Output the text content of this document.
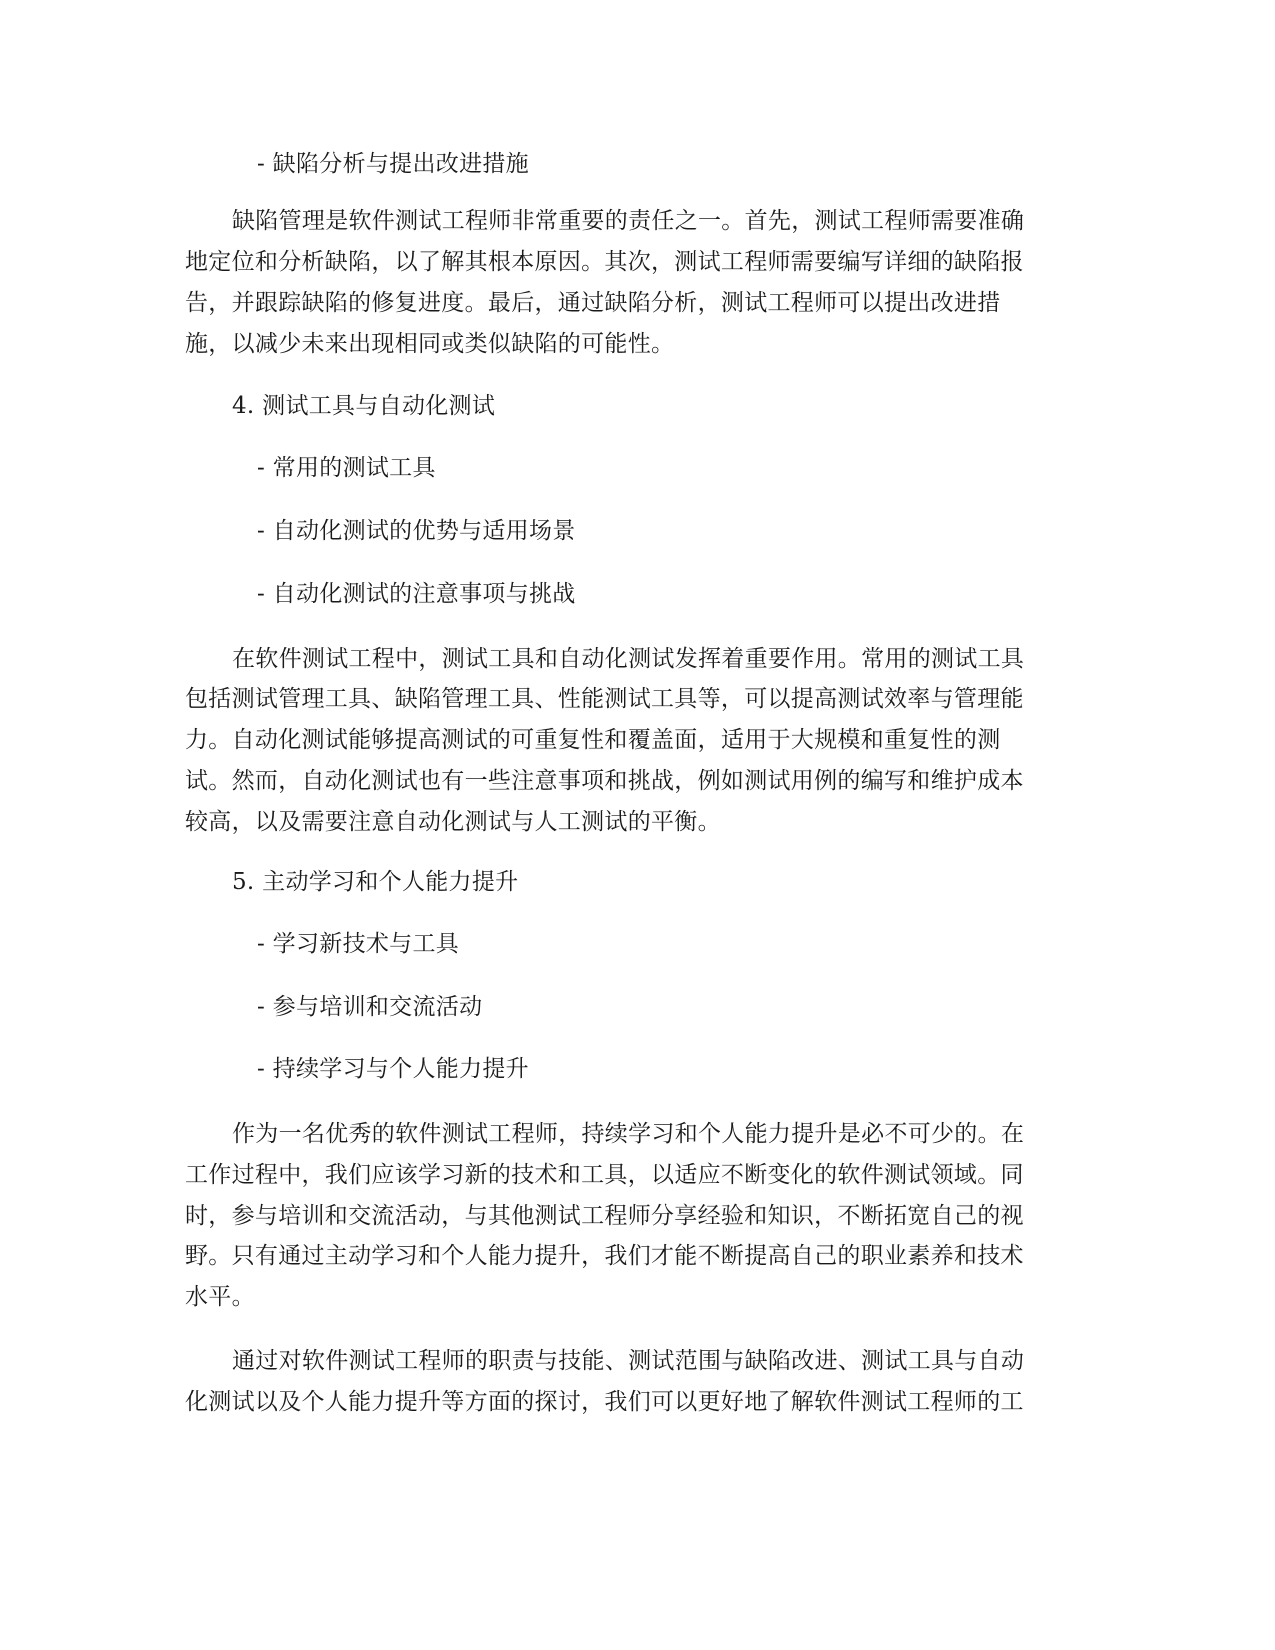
- 缺陷分析与提出改进措施
缺陷管理是软件测试工程师非常重要的责任之一。首先，测试工程师需要准确
地定位和分析缺陷，以了解其根本原因。其次，测试工程师需要编写详细的缺陷报
告，并跟踪缺陷的修复进度。最后，通过缺陷分析，测试工程师可以提出改进措
施，以减少未来出现相同或类似缺陷的可能性。
4. 测试工具与自动化测试
- 常用的测试工具
- 自动化测试的优势与适用场景
- 自动化测试的注意事项与挑战
在软件测试工程中，测试工具和自动化测试发挥着重要作用。常用的测试工具
包括测试管理工具、缺陷管理工具、性能测试工具等，可以提高测试效率与管理能
力。自动化测试能够提高测试的可重复性和覆盖面，适用于大规模和重复性的测
试。然而，自动化测试也有一些注意事项和挑战，例如测试用例的编写和维护成本
较高，以及需要注意自动化测试与人工测试的平衡。
5. 主动学习和个人能力提升
- 学习新技术与工具
- 参与培训和交流活动
- 持续学习与个人能力提升
作为一名优秀的软件测试工程师，持续学习和个人能力提升是必不可少的。在
工作过程中，我们应该学习新的技术和工具，以适应不断变化的软件测试领域。同
时，参与培训和交流活动，与其他测试工程师分享经验和知识，不断拓宽自己的视
野。只有通过主动学习和个人能力提升，我们才能不断提高自己的职业素养和技术
水平。
通过对软件测试工程师的职责与技能、测试范围与缺陷改进、测试工具与自动
化测试以及个人能力提升等方面的探讨，我们可以更好地了解软件测试工程师的工
